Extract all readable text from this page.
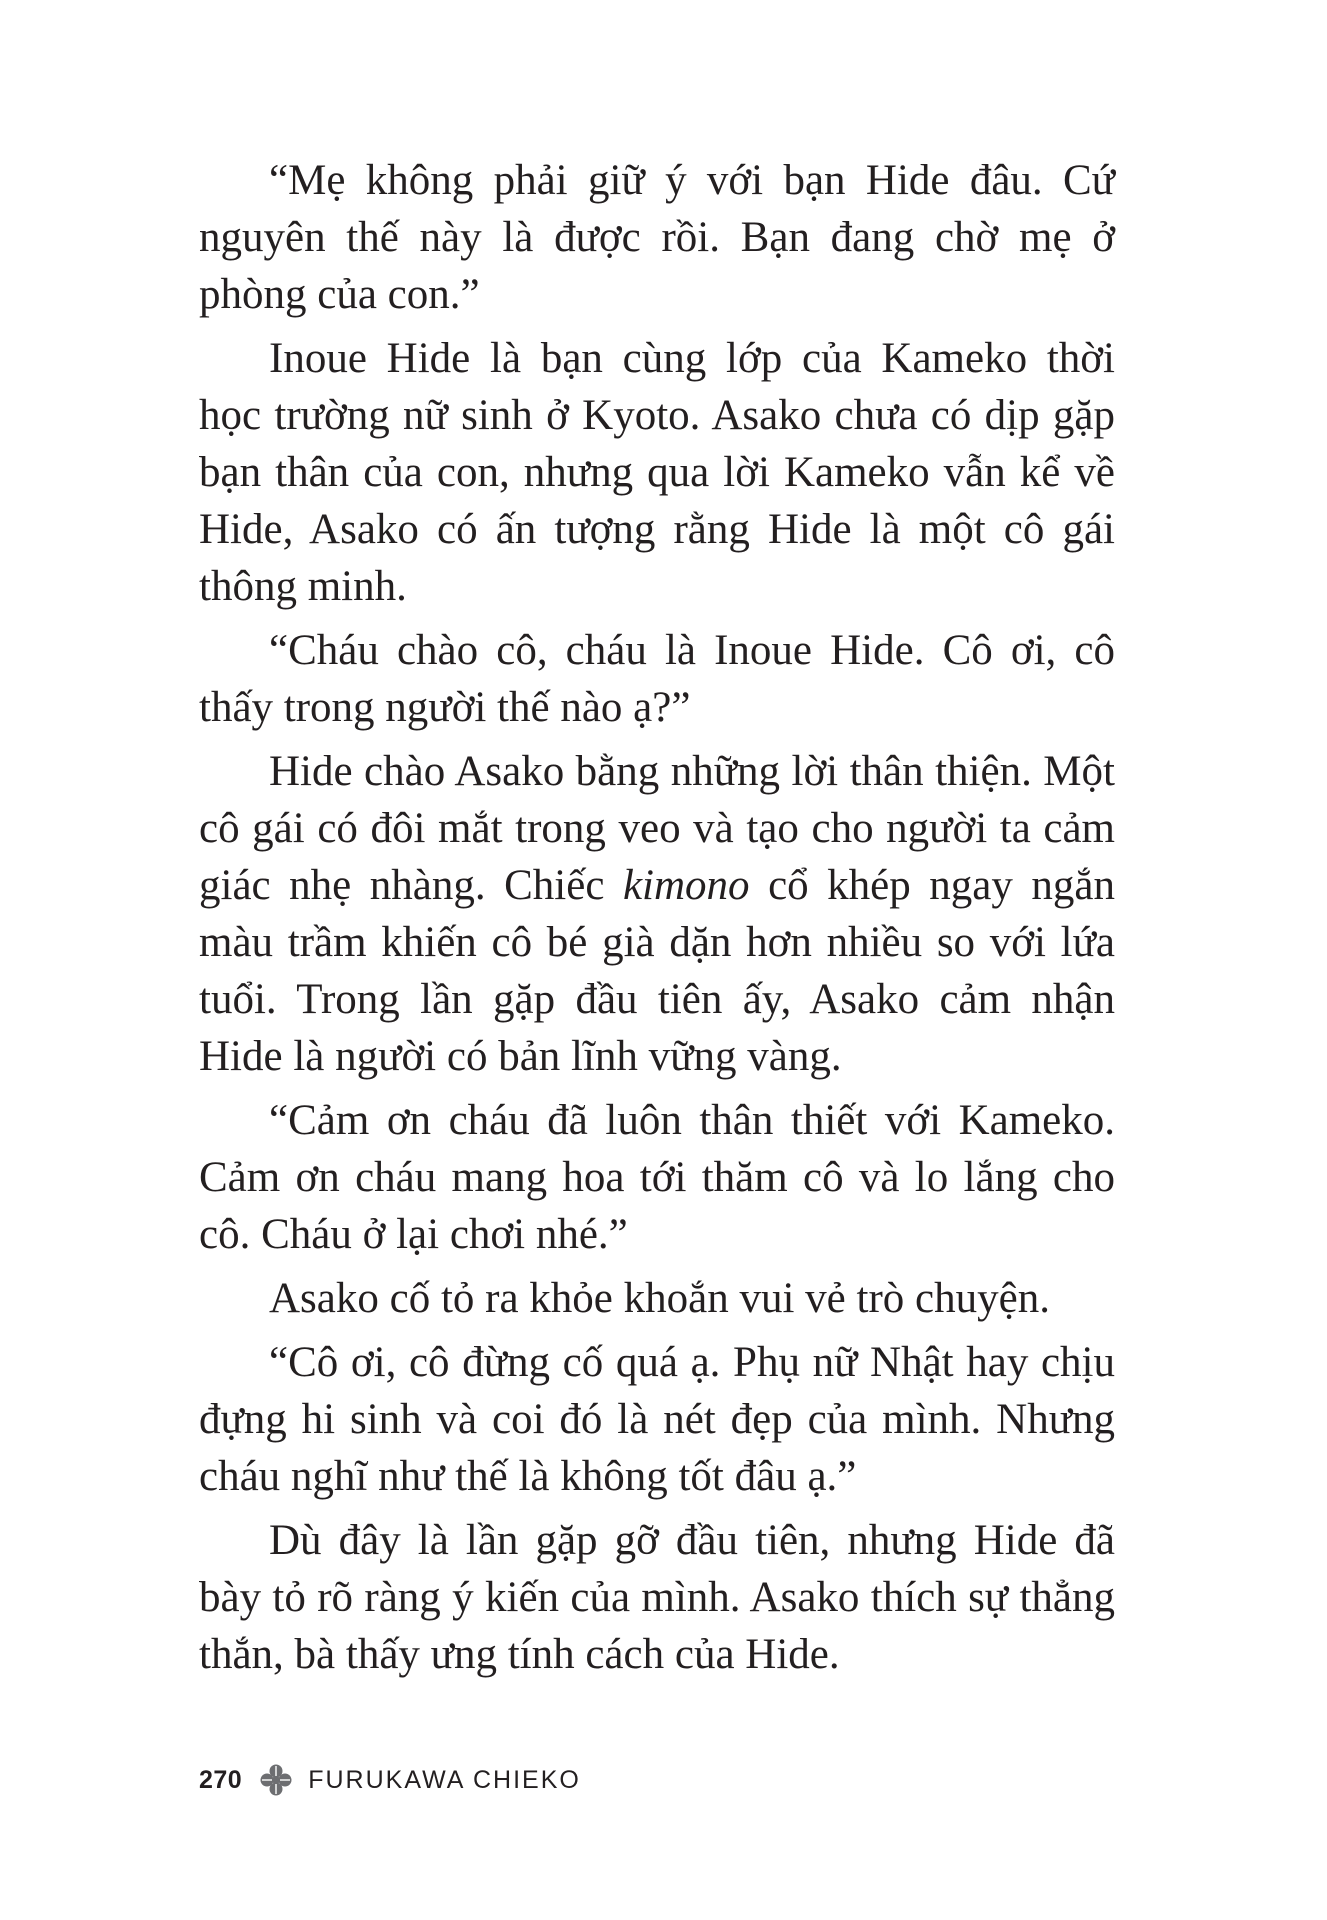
“Mẹ không phải giữ ý với bạn Hide đâu. Cứ nguyên thế này là được rồi. Bạn đang chờ mẹ ở phòng của con.”

Inoue Hide là bạn cùng lớp của Kameko thời học trường nữ sinh ở Kyoto. Asako chưa có dịp gặp bạn thân của con, nhưng qua lời Kameko vẫn kể về Hide, Asako có ấn tượng rằng Hide là một cô gái thông minh.

“Cháu chào cô, cháu là Inoue Hide. Cô ơi, cô thấy trong người thế nào ạ?”

Hide chào Asako bằng những lời thân thiện. Một cô gái có đôi mắt trong veo và tạo cho người ta cảm giác nhẹ nhàng. Chiếc kimono cổ khép ngay ngắn màu trầm khiến cô bé già dặn hơn nhiều so với lứa tuổi. Trong lần gặp đầu tiên ấy, Asako cảm nhận Hide là người có bản lĩnh vững vàng.

“Cảm ơn cháu đã luôn thân thiết với Kameko. Cảm ơn cháu mang hoa tới thăm cô và lo lắng cho cô. Cháu ở lại chơi nhé.”

Asako cố tỏ ra khỏe khoắn vui vẻ trò chuyện.

“Cô ơi, cô đừng cố quá ạ. Phụ nữ Nhật hay chịu đựng hi sinh và coi đó là nét đẹp của mình. Nhưng cháu nghĩ như thế là không tốt đâu ạ.”

Dù đây là lần gặp gỡ đầu tiên, nhưng Hide đã bày tỏ rõ ràng ý kiến của mình. Asako thích sự thẳng thắn, bà thấy ưng tính cách của Hide.

270	FURUKAWA CHIEKO
